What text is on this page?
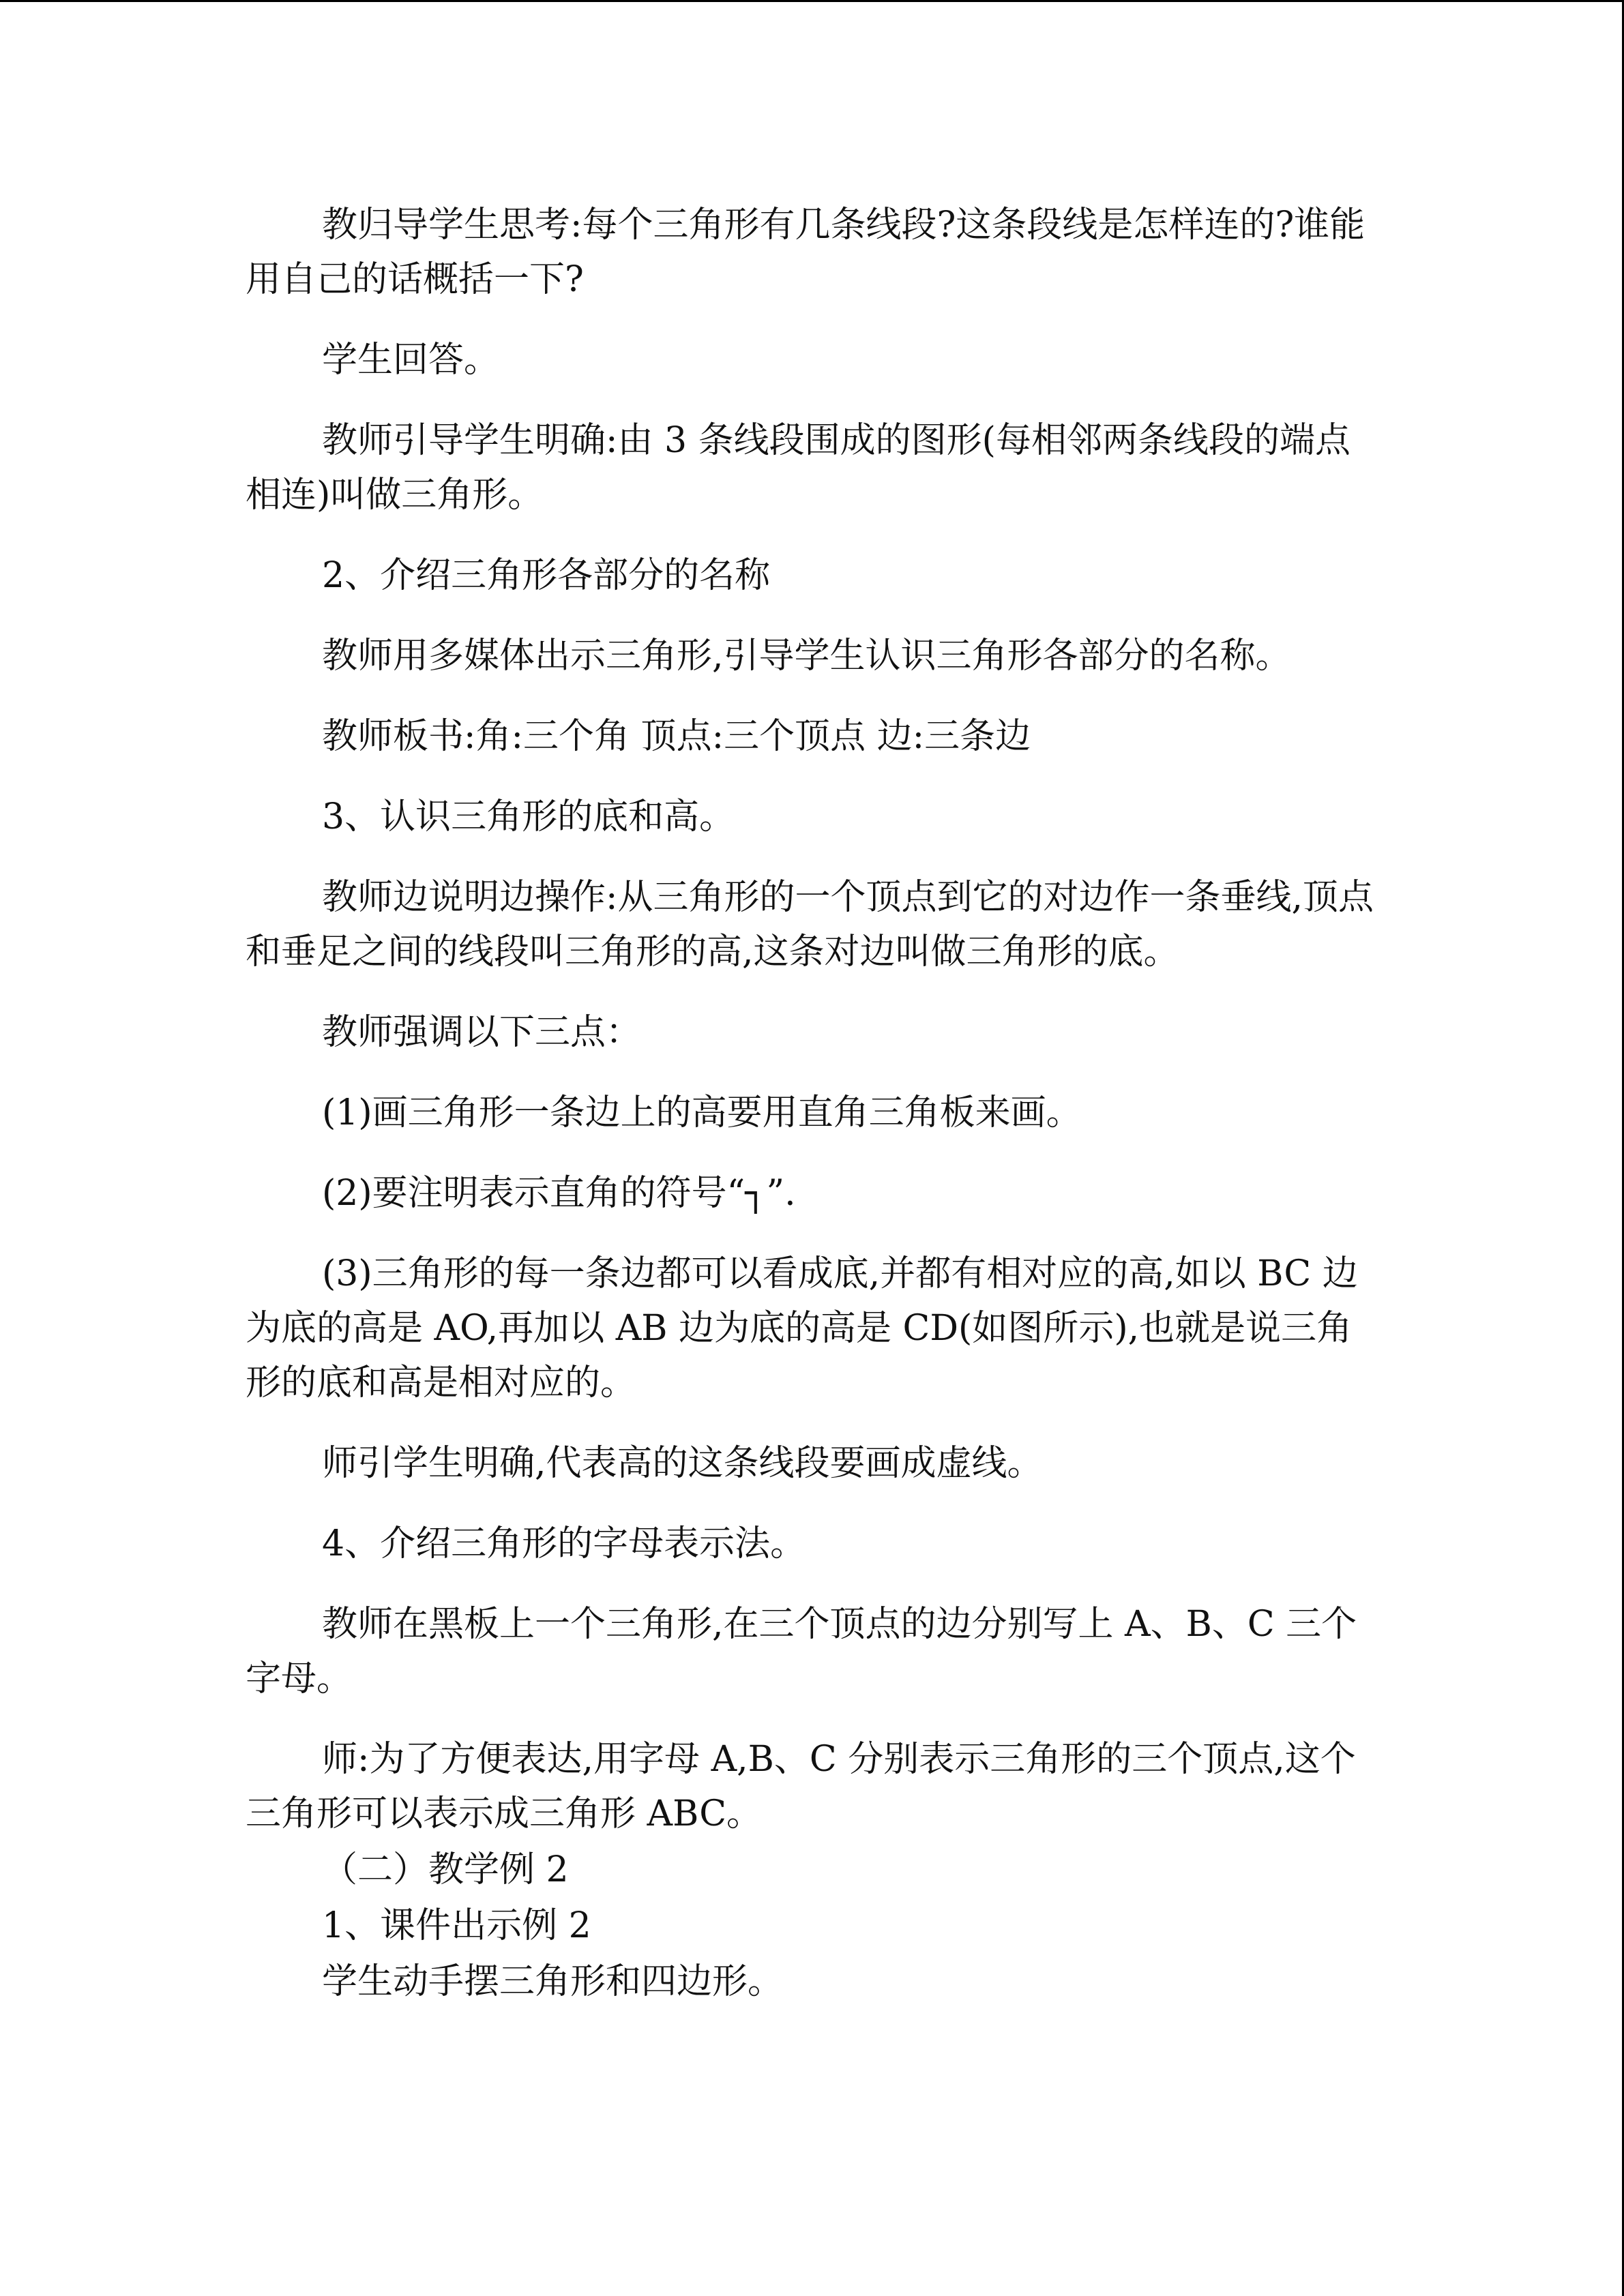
教归导学生思考:每个三角形有几条线段?这条段线是怎样连的?谁能用自己的话概括一下?

学生回答。

教师引导学生明确:由 3 条线段围成的图形(每相邻两条线段的端点相连)叫做三角形。

2、介绍三角形各部分的名称

教师用多媒体出示三角形,引导学生认识三角形各部分的名称。

教师板书:角:三个角 顶点:三个顶点 边:三条边

3、认识三角形的底和高。

教师边说明边操作:从三角形的一个顶点到它的对边作一条垂线,顶点和垂足之间的线段叫三角形的高,这条对边叫做三角形的底。

教师强调以下三点：

(1)画三角形一条边上的高要用直角三角板来画。

(2)要注明表示直角的符号“┐”.

(3)三角形的每一条边都可以看成底,并都有相对应的高,如以 BC 边为底的高是 AO,再加以 AB 边为底的高是 CD(如图所示),也就是说三角形的底和高是相对应的。

师引学生明确,代表高的这条线段要画成虚线。

4、介绍三角形的字母表示法。

教师在黑板上一个三角形,在三个顶点的边分别写上 A、B、C 三个字母。

师:为了方便表达,用字母 A,B、C 分别表示三角形的三个顶点,这个三角形可以表示成三角形 ABC。

（二）教学例 2

1、课件出示例 2

学生动手摆三角形和四边形。
